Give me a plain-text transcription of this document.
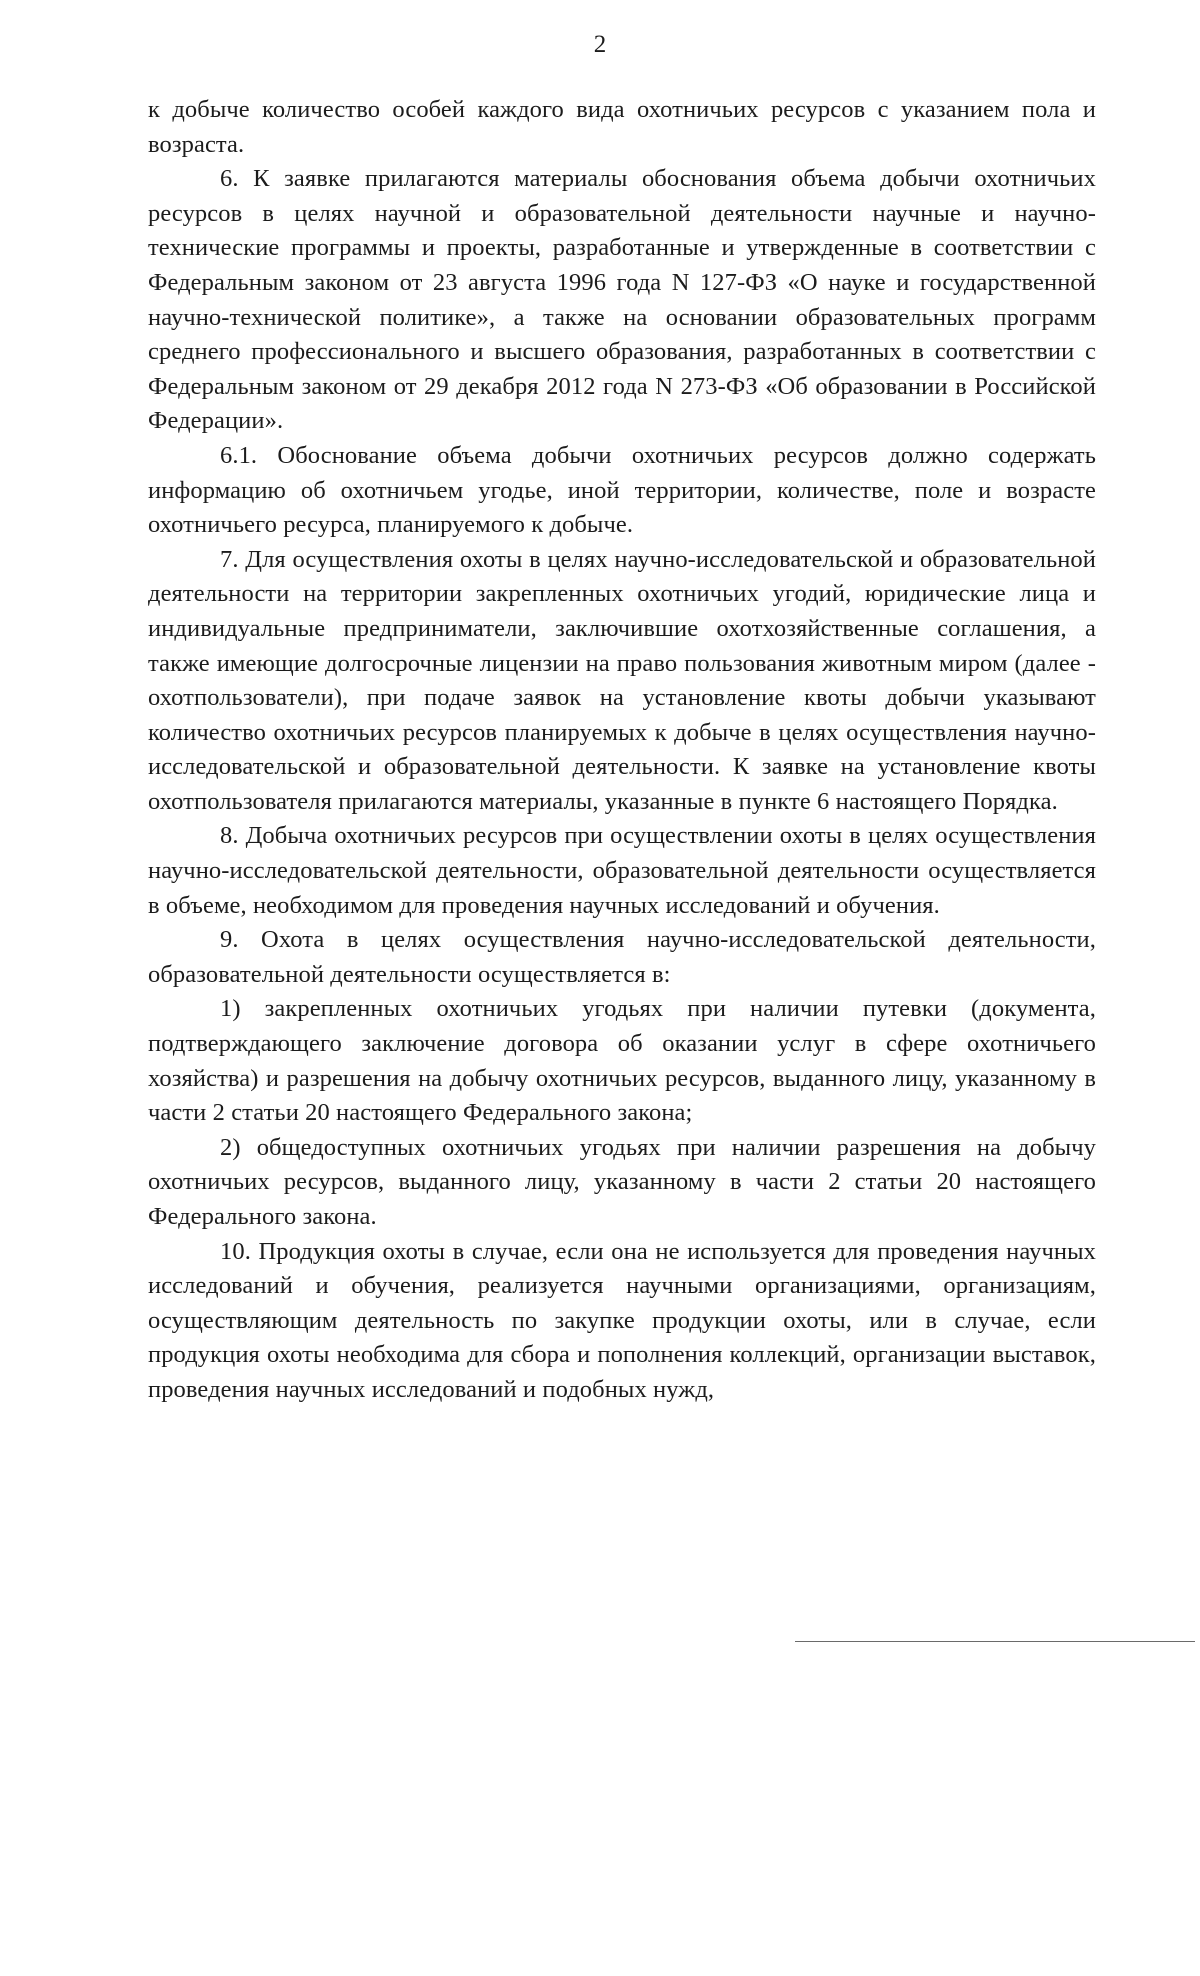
2

к добыче количество особей каждого вида охотничьих ресурсов с указанием пола и возраста.

6. К заявке прилагаются материалы обоснования объема добычи охотничьих ресурсов в целях научной и образовательной деятельности научные и научно-технические программы и проекты, разработанные и утвержденные в соответствии с Федеральным законом от 23 августа 1996 года N 127-ФЗ «О науке и государственной научно-технической политике», а также на основании образовательных программ среднего профессионального и высшего образования, разработанных в соответствии с Федеральным законом от 29 декабря 2012 года N 273-ФЗ «Об образовании в Российской Федерации».

6.1. Обоснование объема добычи охотничьих ресурсов должно содержать информацию об охотничьем угодье, иной территории, количестве, поле и возрасте охотничьего ресурса, планируемого к добыче.

7. Для осуществления охоты в целях научно-исследовательской и образовательной деятельности на территории закрепленных охотничьих угодий, юридические лица и индивидуальные предприниматели, заключившие охотхозяйственные соглашения, а также имеющие долгосрочные лицензии на право пользования животным миром (далее - охотпользователи), при подаче заявок на установление квоты добычи указывают количество охотничьих ресурсов планируемых к добыче в целях осуществления научно-исследовательской и образовательной деятельности. К заявке на установление квоты охотпользователя прилагаются материалы, указанные в пункте 6 настоящего Порядка.

8. Добыча охотничьих ресурсов при осуществлении охоты в целях осуществления научно-исследовательской деятельности, образовательной деятельности осуществляется в объеме, необходимом для проведения научных исследований и обучения.

9. Охота в целях осуществления научно-исследовательской деятельности, образовательной деятельности осуществляется в:

1) закрепленных охотничьих угодьях при наличии путевки (документа, подтверждающего заключение договора об оказании услуг в сфере охотничьего хозяйства) и разрешения на добычу охотничьих ресурсов, выданного лицу, указанному в части 2 статьи 20 настоящего Федерального закона;

2) общедоступных охотничьих угодьях при наличии разрешения на добычу охотничьих ресурсов, выданного лицу, указанному в части 2 статьи 20 настоящего Федерального закона.

10. Продукция охоты в случае, если она не используется для проведения научных исследований и обучения, реализуется научными организациями, организациям, осуществляющим деятельность по закупке продукции охоты, или в случае, если продукция охоты необходима для сбора и пополнения коллекций, организации выставок, проведения научных исследований и подобных нужд,
